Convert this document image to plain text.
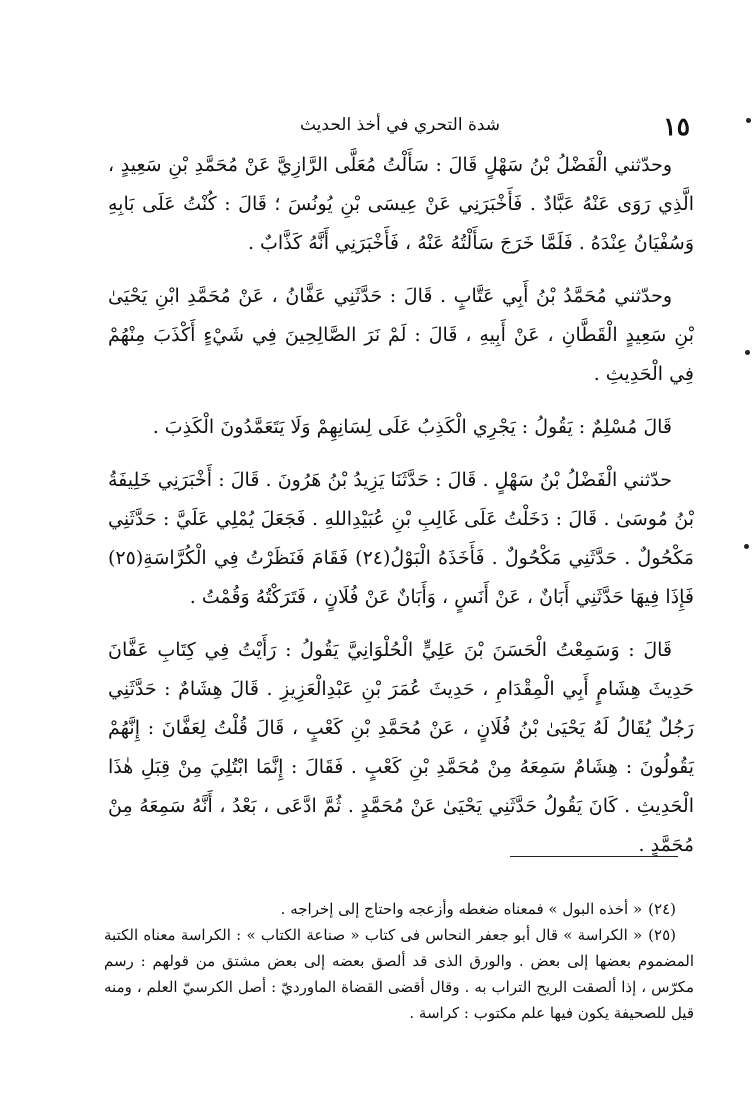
١٥
شدة التحري في أخذ الحديث

وحدّثني الْفَضْلُ بْنُ سَهْلٍ قَالَ : سَأَلْتُ مُعَلَّى الرَّازِيَّ عَنْ مُحَمَّدِ بْنِ سَعِيدٍ ، الَّذِي رَوَى عَنْهُ عَبَّادٌ . فَأَخْبَرَنِي عَنْ عِيسَى بْنِ يُونُسَ ؛ قَالَ : كُنْتُ عَلَى بَابِهِ وَسُفْيَانُ عِنْدَهُ . فَلَمَّا خَرَجَ سَأَلْتُهُ عَنْهُ ، فَأَخْبَرَنِي أَنَّهُ كَذَّابٌ .

وحدّثني مُحَمَّدُ بْنُ أَبِي عَتَّابٍ . قَالَ : حَدَّثَنِي عَفَّانُ ، عَنْ مُحَمَّدِ ابْنِ يَحْيَىٰ بْنِ سَعِيدٍ الْقَطَّانِ ، عَنْ أَبِيهِ ، قَالَ : لَمْ نَرَ الصَّالِحِينَ فِي شَيْءٍ أَكْذَبَ مِنْهُمْ فِي الْحَدِيثِ .

قَالَ مُسْلِمٌ : يَقُولُ : يَجْرِي الْكَذِبُ عَلَى لِسَانِهِمْ وَلَا يَتَعَمَّدُونَ الْكَذِبَ .

حدّثني الْفَضْلُ بْنُ سَهْلٍ . قَالَ : حَدَّثَنَا يَزِيدُ بْنُ هَرُونَ . قَالَ : أَخْبَرَنِي خَلِيفَةُ بْنُ مُوسَىٰ . قَالَ : دَخَلْتُ عَلَى غَالِبِ بْنِ عُبَيْدِاللهِ . فَجَعَلَ يُمْلِي عَلَيَّ : حَدَّثَنِي مَكْحُولٌ . حَدَّثَنِي مَكْحُولٌ . فَأَخَذَهُ الْبَوْلُ(٢٤) فَقَامَ فَنَظَرْتُ فِي الْكُرَّاسَةِ(٢٥) فَإِذَا فِيهَا حَدَّثَنِي أَبَانٌ ، عَنْ أَنَسٍ ، وَأَبَانٌ عَنْ فُلَانٍ ، فَتَرَكْتُهُ وَقُمْتُ .

قَالَ : وَسَمِعْتُ الْحَسَنَ بْنَ عَلِيٍّ الْحُلْوَانِيَّ يَقُولُ : رَأَيْتُ فِي كِتَابِ عَفَّانَ حَدِيثَ هِشَامٍ أَبِي الْمِقْدَامِ ، حَدِيثَ عُمَرَ بْنِ عَبْدِالْعَزِيزِ . قَالَ هِشَامٌ : حَدَّثَنِي رَجُلٌ يُقَالُ لَهُ يَحْيَىٰ بْنُ فُلَانٍ ، عَنْ مُحَمَّدِ بْنِ كَعْبٍ ، قَالَ قُلْتُ لِعَفَّانَ : إِنَّهُمْ يَقُولُونَ : هِشَامٌ سَمِعَهُ مِنْ مُحَمَّدِ بْنِ كَعْبٍ . فَقَالَ : إِنَّمَا ابْتُلِيَ مِنْ قِبَلِ هٰذَا الْحَدِيثِ . كَانَ يَقُولُ حَدَّثَنِي يَحْيَىٰ عَنْ مُحَمَّدٍ . ثُمَّ ادَّعَى ، بَعْدُ ، أَنَّهُ سَمِعَهُ مِنْ مُحَمَّدٍ .

(٢٤)« أخذه البول » فمعناه ضغطه وأزعجه واحتاج إلى إخراجه .

(٢٥)« الكراسة » قال أبو جعفر النحاس فى كتاب « صناعة الكتاب » : الكراسة معناه الكتبة المضموم بعضها إلى بعض . والورق الذى قد ألصق بعضه إلى بعض مشتق من قولهم : رسم مكرّس ، إذا ألصقت الريح التراب به . وقال أقضى القضاة الماورديّ : أصل الكرسيّ العلم ، ومنه قيل للصحيفة يكون فيها علم مكتوب : كراسة .
